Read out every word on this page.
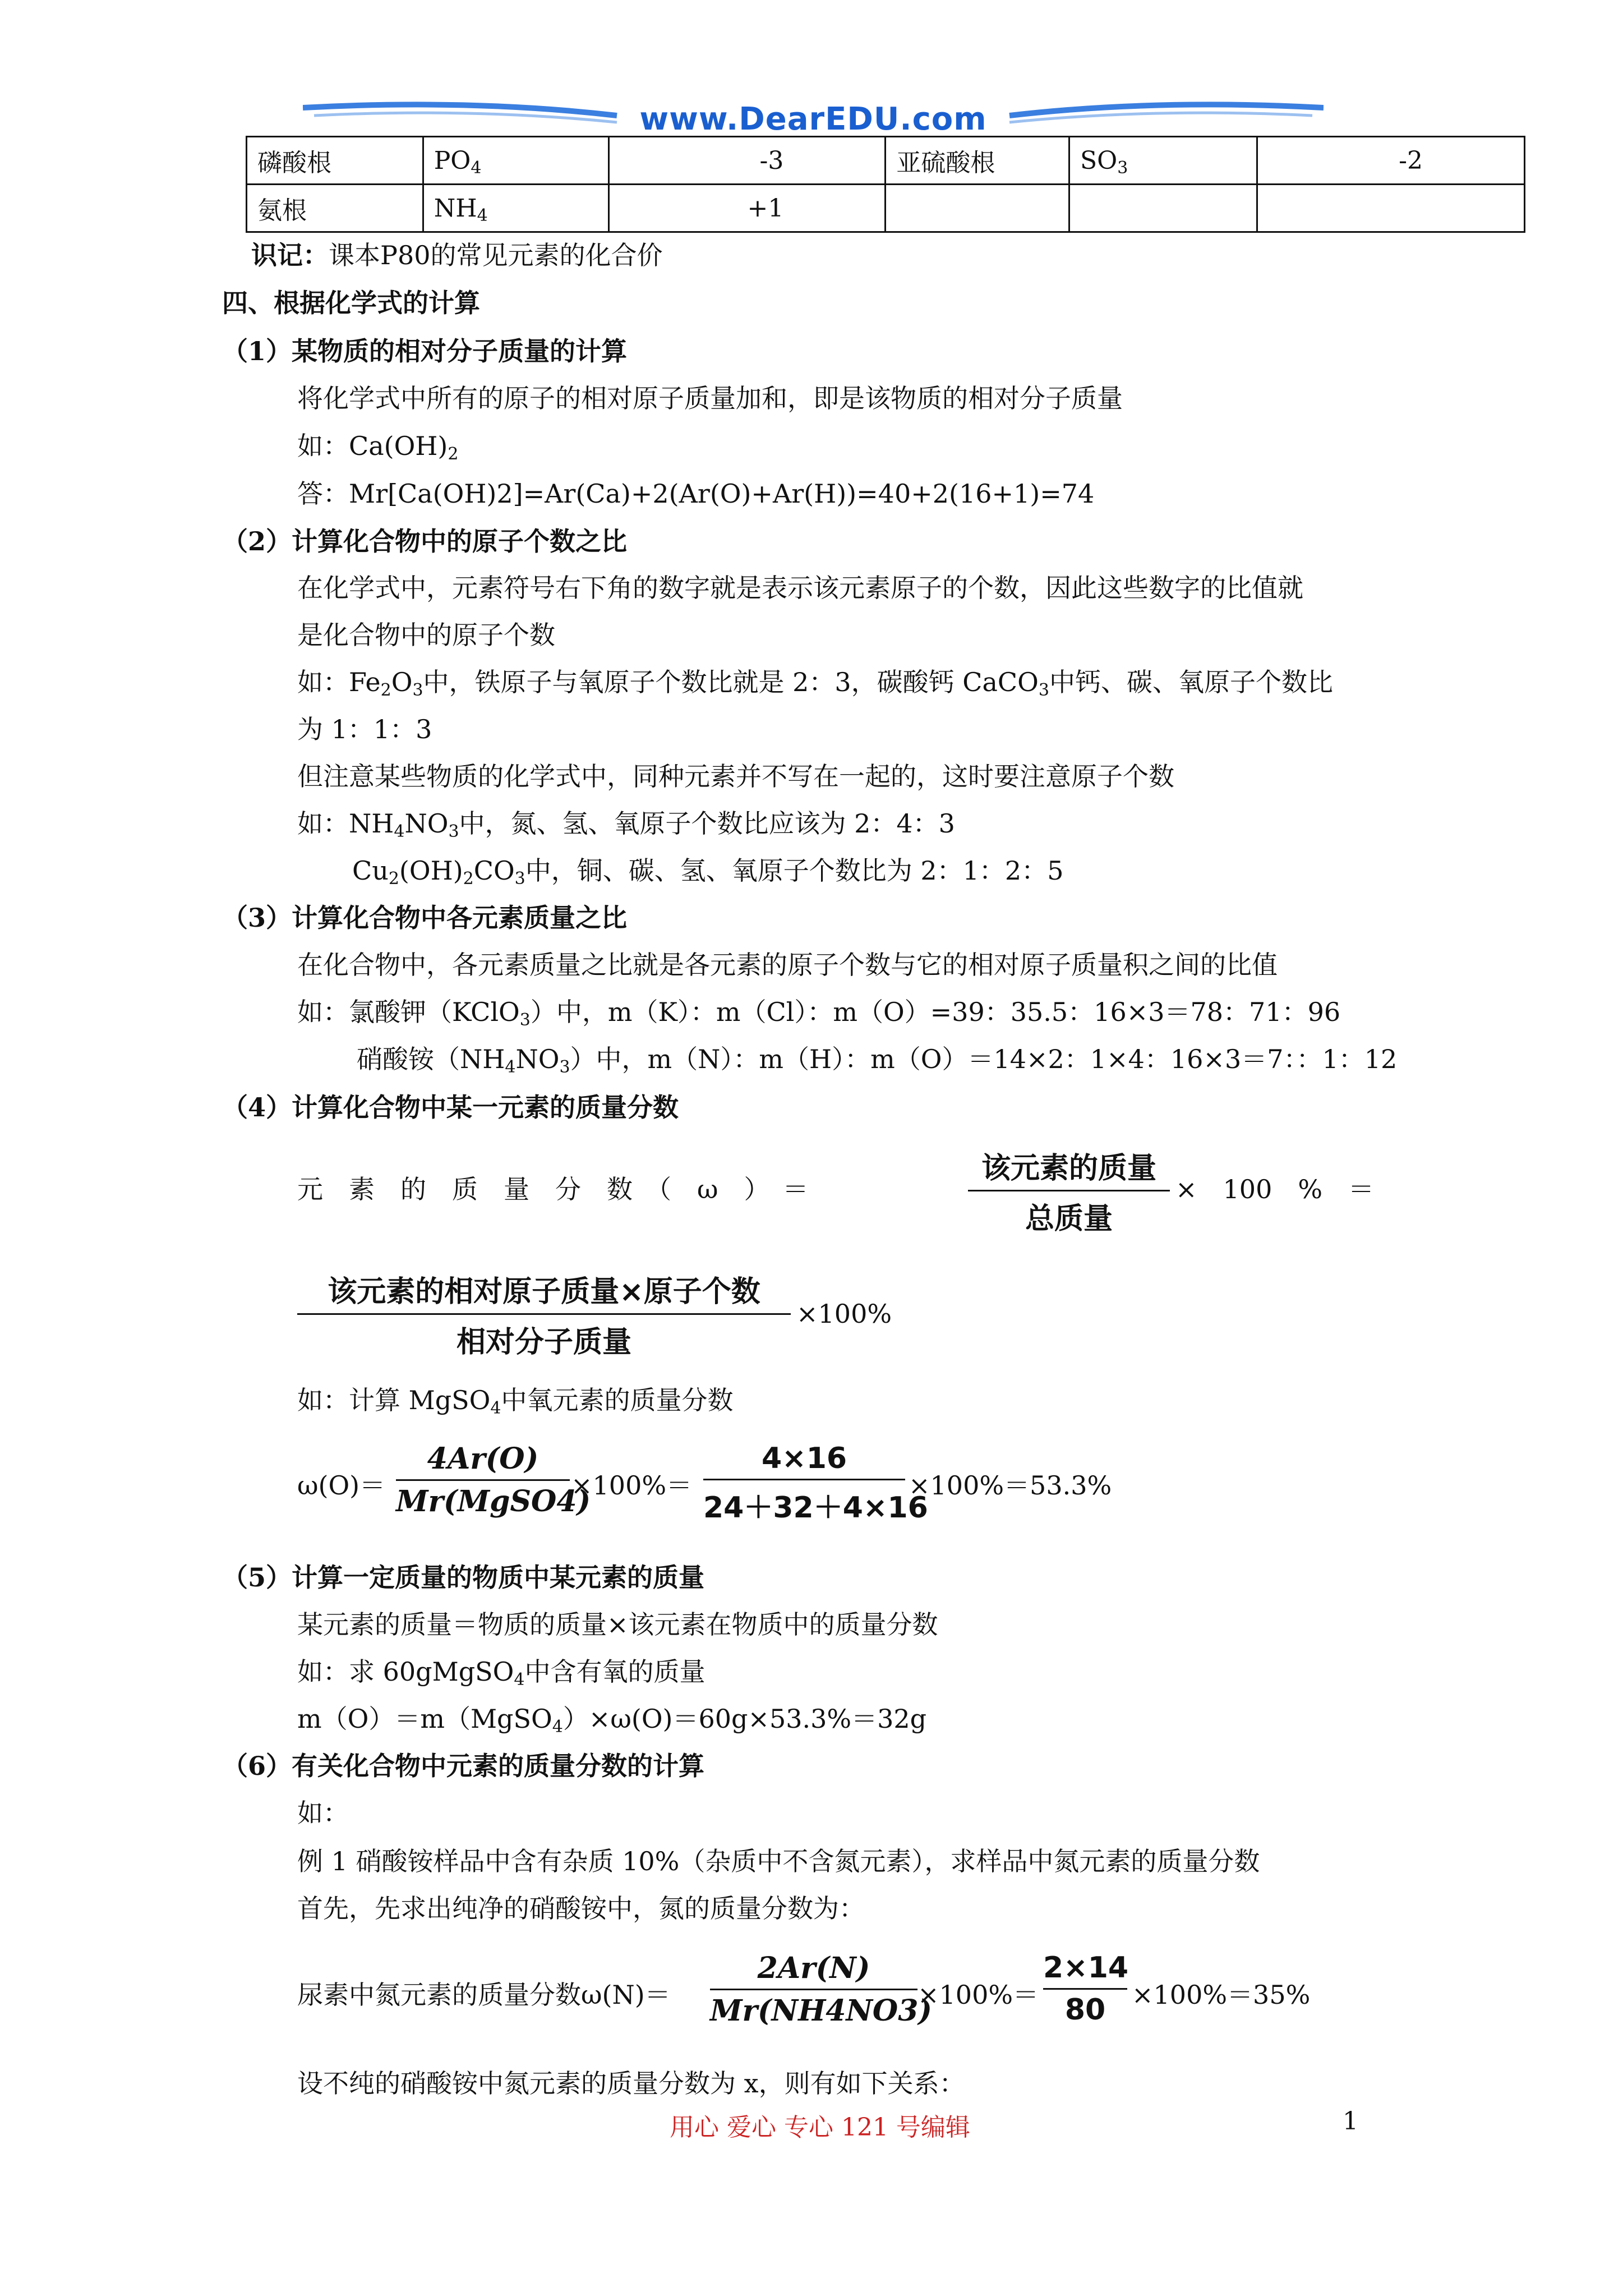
www.DearEDU.com
磷酸根	$PO_4$	-3	亚硫酸根	$SO_3$	-2
氨根	$NH_4$	+1			
识记：课本P80的常见元素的化合价
四、根据化学式的计算
（1）某物质的相对分子质量的计算
将化学式中所有的原子的相对原子质量加和，即是该物质的相对分子质量
如：$Ca(OH)_2$
答：Mr[Ca(OH)2]=Ar(Ca)+2(Ar(O)+Ar(H))=40+2(16+1)=74
（2）计算化合物中的原子个数之比
在化学式中，元素符号右下角的数字就是表示该元素原子的个数，因此这些数字的比值就
是化合物中的原子个数
如：$Fe_2O_3$中，铁原子与氧原子个数比就是 2：3，碳酸钙 CaCO$_3$中钙、碳、氧原子个数比
为 1：1：3
但注意某些物质的化学式中，同种元素并不写在一起的，这时要注意原子个数
如：$NH_4NO_3$中，氮、氢、氧原子个数比应该为 2：4：3
$Cu_2(OH)_2CO_3$中，铜、碳、氢、氧原子个数比为 2：1：2：5
（3）计算化合物中各元素质量之比
在化合物中，各元素质量之比就是各元素的原子个数与它的相对原子质量积之间的比值
如：氯酸钾（KClO$_3$）中，m（K）：m（Cl）：m（O）=39：35.5：16×3＝78：71：96
硝酸铵$(NH_4NO_3)$中，m（N）：m（H）：m（O）＝14×2：1×4：16×3＝7：：1：12
（4）计算化合物中某一元素的质量分数
元　素　的　质　量　分　数　（　ω　）　＝
该元素的质量
总质量
×　100　%　＝
该元素的相对原子质量×原子个数
相对分子质量
×100%
如：计算 MgSO$_4$中氧元素的质量分数
ω(O)＝
4Ar(O)
Mr(MgSO4)
×100%＝
4×16
24＋32＋4×16
×100%＝53.3%
（5）计算一定质量的物质中某元素的质量
某元素的质量＝物质的质量×该元素在物质中的质量分数
如：求 60gMgSO$_4$中含有氧的质量
m（O）＝m（MgSO$_4$）×ω(O)＝60g×53.3%＝32g
（6）有关化合物中元素的质量分数的计算
如：
例 1 硝酸铵样品中含有杂质 10%（杂质中不含氮元素），求样品中氮元素的质量分数
首先，先求出纯净的硝酸铵中，氮的质量分数为：
尿素中氮元素的质量分数ω(N)＝
2Ar(N)
Mr(NH4NO3)
×100%＝
2×14
80	×100%＝35%
设不纯的硝酸铵中氮元素的质量分数为 x，则有如下关系：
用心 爱心 专心 121 号编辑	1
